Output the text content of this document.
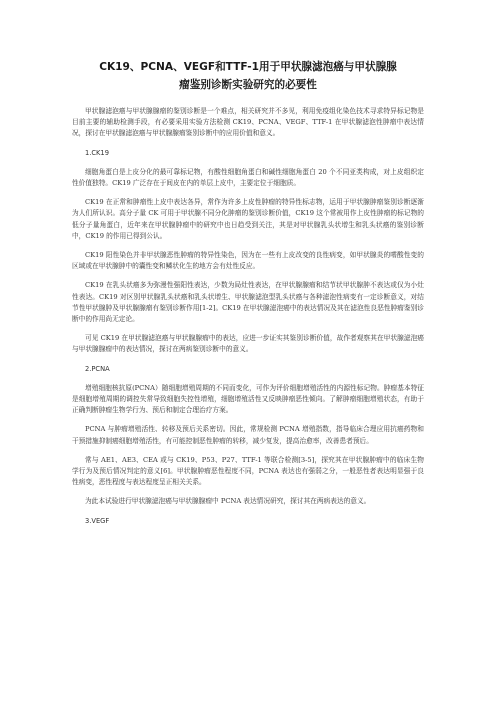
CK19、PCNA、VEGF和TTF-1用于甲状腺滤泡癌与甲状腺腺
瘤鉴别诊断实验研究的必要性

甲状腺滤泡癌与甲状腺腺瘤的鉴别诊断是一个难点，相关研究并不多见，利用免疫组化染色技术寻求特异标记物是目前主要的辅助检测手段，有必要采用实验方法检测 CK19、PCNA、VEGF、TTF-1 在甲状腺滤泡性肿瘤中表达情况，探讨在甲状腺滤泡癌与甲状腺腺瘤鉴别诊断中的应用价值和意义。

1.CK19

细胞角蛋白是上皮分化的最可靠标记物，有酸性细胞角蛋白和碱性细胞角蛋白 20 个不同亚类构成，对上皮组织定性价值独特。CK19 广泛存在于间皮在内的单层上皮中，主要定位于细胞质。

CK19 在正常和肿瘤性上皮中表达各异，常作为许多上皮性肿瘤的特异性标志物，运用于甲状腺肿瘤鉴别诊断逐渐为人们所认识。高分子量 CK 可用于甲状腺不同分化肿瘤的鉴别诊断价值，CK19 这个常被用作上皮性肿瘤的标记物的低分子量角蛋白，近年来在甲状腺肿瘤中的研究中也日趋受到关注，其是对甲状腺乳头状增生和乳头状癌的鉴别诊断中，CK19 的作用已得到公认。

CK19 阳性染色并非甲状腺恶性肿瘤的特异性染色，因为在一些有上皮改变的良性病变，如甲状腺炎的嗜酸性变的区域或在甲状腺肿中的囊性变和鳞状化生的地方会有灶性反应。

CK19 在乳头状癌多为弥漫性强阳性表达，少数为局灶性表达，在甲状腺腺瘤和结节状甲状腺肿不表达或仅为小灶性表达。CK19 对区别甲状腺乳头状癌和乳头状增生、甲状腺滤泡型乳头状癌与各种滤泡性病变有一定诊断意义，对结节性甲状腺肿及甲状腺腺瘤有鉴别诊断作用[1-2]。CK19 在甲状腺滤泡癌中的表达情况及其在滤泡性良恶性肿瘤鉴别诊断中的作用尚无定论。

可见 CK19 在甲状腺滤泡癌与甲状腺腺瘤中的表达，应进一步证实其鉴别诊断价值，故作者观察其在甲状腺滤泡癌与甲状腺腺瘤中的表达情况，探讨在两病鉴别诊断中的意义。

2.PCNA

增殖细胞核抗原(PCNA）随细胞增殖周期的不同而变化，可作为评价细胞增殖活性的内源性标记物。肿瘤基本特征是细胞增殖周期的调控失常导致细胞失控性增殖，细胞增殖活性又反映肿瘤恶性倾向。了解肿瘤细胞增殖状态，有助于正确判断肿瘤生物学行为、预后和制定合理治疗方案。

PCNA 与肿瘤增殖活性、转移及预后关系密切。因此，常规检测 PCNA 增殖指数，指导临床合理应用抗癌药物和干预措施抑制癌细胞增殖活性，有可能控制恶性肿瘤的转移，减少复发，提高治愈率，改善患者预后。

常与 AE1、AE3、CEA 或与 CK19、P53、P27、TTF-1 等联合检测[3-5]，探究其在甲状腺肿瘤中的临床生物学行为及预后情况判定的意义[6]。甲状腺肿瘤恶性程度不同，PCNA 表达也有强弱之分，一般恶性者表达明显强于良性病变，恶性程度与表达程度呈正相关关系。

为此本试验进行甲状腺滤泡癌与甲状腺腺瘤中 PCNA 表达情况研究，探讨其在两病表达的意义。

3.VEGF
